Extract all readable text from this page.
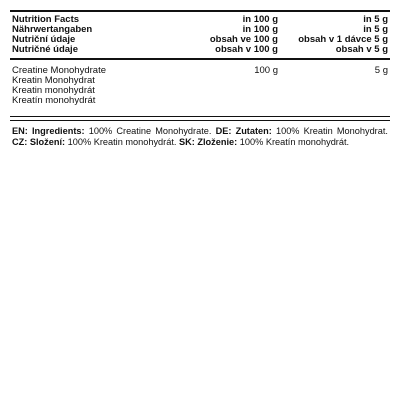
Nutrition Facts	in 100 g	in 5 g
Nährwertangaben	in 100 g	in 5 g
Nutriční údaje	obsah ve 100 g	obsah v 1 dávce 5 g
Nutričné údaje	obsah v 100 g	obsah v 5 g
Creatine Monohydrate	100 g	5 g
Kreatin Monohydrat
Kreatin monohydrát
Kreatín monohydrát
EN: Ingredients: 100% Creatine Monohydrate. DE: Zutaten: 100% Kreatin Monohydrat. CZ: Složení: 100% Kreatin monohydrát. SK: Zloženie: 100% Kreatín monohydrát.
